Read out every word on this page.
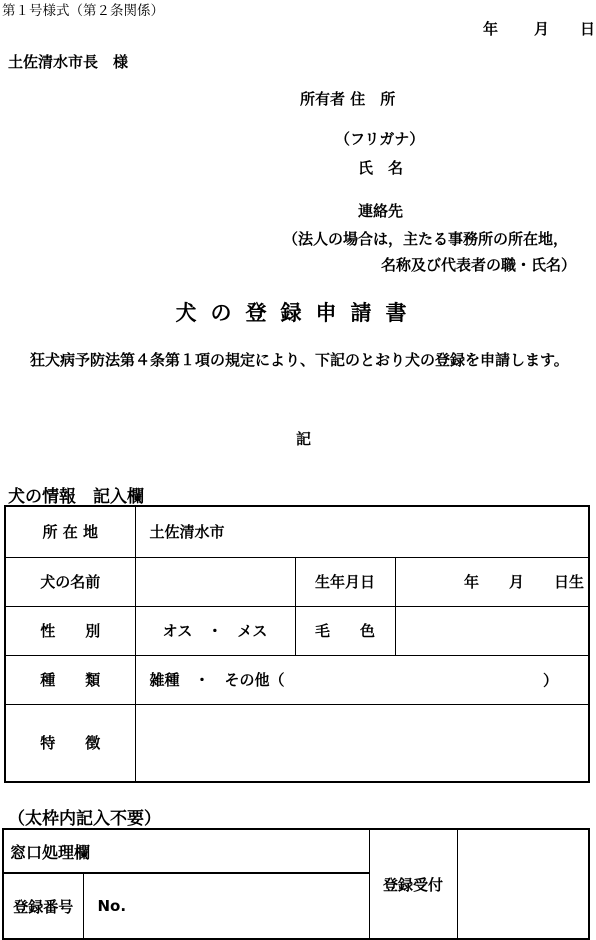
第１号様式（第２条関係）
年 月 日
土佐清水市長　様
所有者 住　所
（フリガナ）
氏　名
連絡先
（法人の場合は，主たる事務所の所在地，
名称及び代表者の職・氏名）
犬の登録申請書
狂犬病予防法第４条第１項の規定により、下記のとおり犬の登録を申請します。
記
犬の情報　記入欄
所 在 地	土佐清水市		
犬の名前		生年月日	年　　月　　日生
性　　別	オス　・　メス	毛　　色	
種　　類	雑種　・　その他（ ）		

特　　徴			
（太枠内記入不要）
窓口処理欄		登録受付	
登録番号	No.		
